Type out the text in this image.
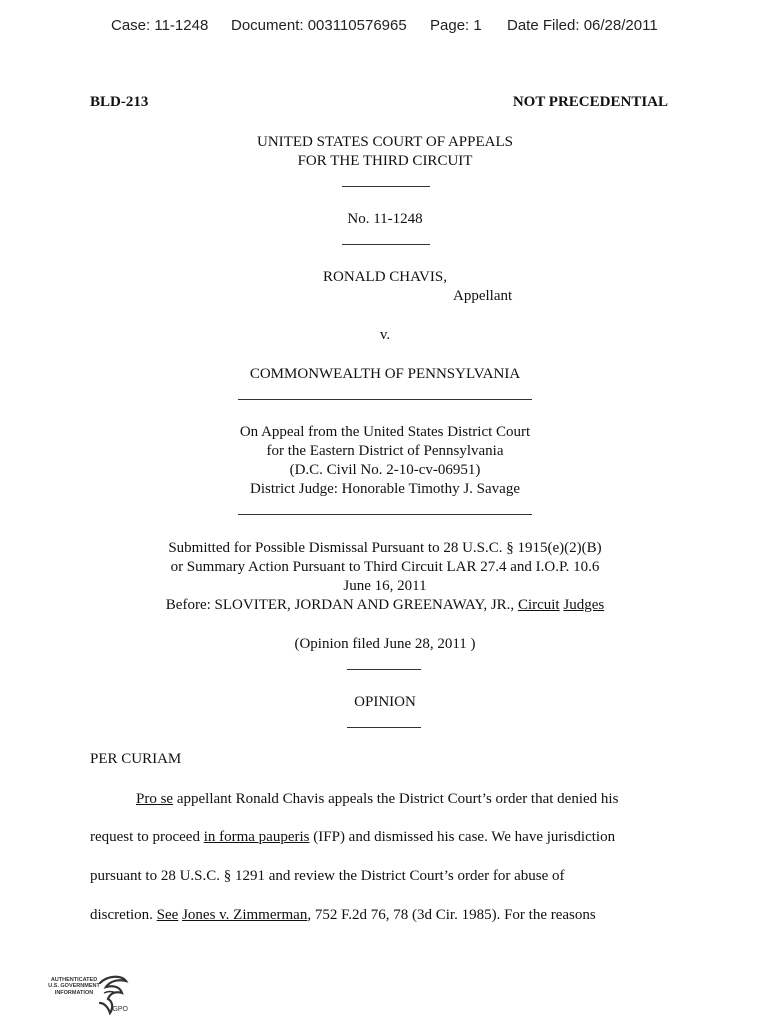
Case: 11-1248 Document: 003110576965 Page: 1 Date Filed: 06/28/2011
BLD-213	NOT PRECEDENTIAL
UNITED STATES COURT OF APPEALS
FOR THE THIRD CIRCUIT
No. 11-1248
RONALD CHAVIS,
Appellant
v.
COMMONWEALTH OF PENNSYLVANIA
On Appeal from the United States District Court
for the Eastern District of Pennsylvania
(D.C. Civil No. 2-10-cv-06951)
District Judge: Honorable Timothy J. Savage
Submitted for Possible Dismissal Pursuant to 28 U.S.C. § 1915(e)(2)(B)
or Summary Action Pursuant to Third Circuit LAR 27.4 and I.O.P. 10.6
June 16, 2011
Before: SLOVITER, JORDAN AND GREENAWAY, JR., Circuit Judges
(Opinion filed June 28, 2011 )
OPINION
PER CURIAM
Pro se appellant Ronald Chavis appeals the District Court’s order that denied his
request to proceed in forma pauperis (IFP) and dismissed his case. We have jurisdiction
pursuant to 28 U.S.C. § 1291 and review the District Court’s order for abuse of
discretion. See Jones v. Zimmerman, 752 F.2d 76, 78 (3d Cir. 1985). For the reasons
AUTHENTICATED
U.S. GOVERNMENT
INFORMATION
GPO
